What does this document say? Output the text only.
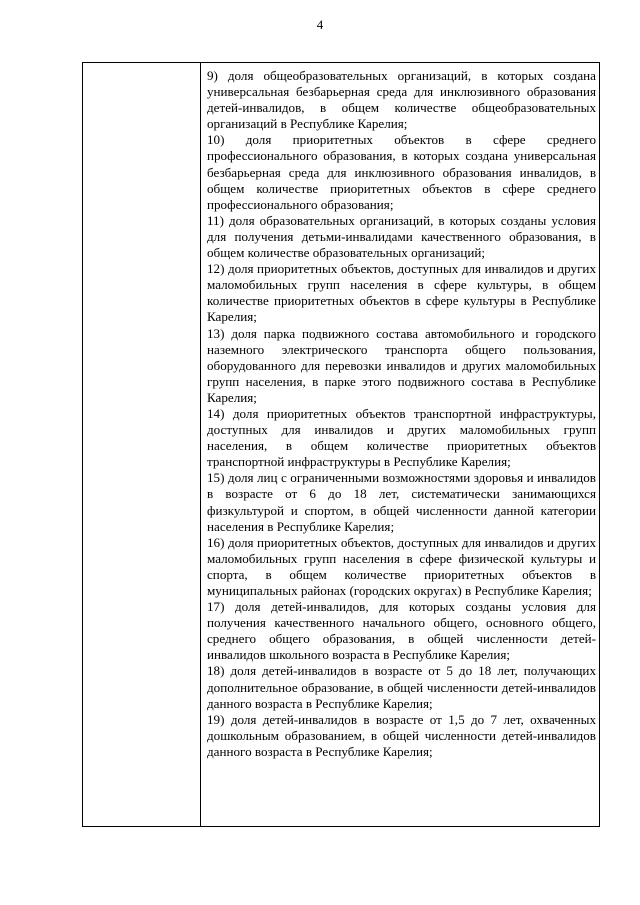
4

9) доля общеобразовательных организаций, в которых создана универсальная безбарьерная среда для инклюзивного образования детей-инвалидов, в общем количестве общеобразовательных организаций в Республике Карелия;

10) доля приоритетных объектов в сфере среднего профессионального образования, в которых создана универсальная безбарьерная среда для инклюзивного образования инвалидов, в общем количестве приоритетных объектов в сфере среднего профессионального образования;

11) доля образовательных организаций, в которых созданы условия для получения детьми-инвалидами качественного образования, в общем количестве образовательных организаций;

12) доля приоритетных объектов, доступных для инвалидов и других маломобильных групп населения в сфере культуры, в общем количестве приоритетных объектов в сфере культуры в Республике Карелия;

13) доля парка подвижного состава автомобильного и городского наземного электрического транспорта общего пользования, оборудованного для перевозки инвалидов и других маломобильных групп населения, в парке этого подвижного состава в Республике Карелия;

14) доля приоритетных объектов транспортной инфраструктуры, доступных для инвалидов и других маломобильных групп населения, в общем количестве приоритетных объектов транспортной инфраструктуры в Республике Карелия;

15) доля лиц с ограниченными возможностями здоровья и инвалидов в возрасте от 6 до 18 лет, систематически занимающихся физкультурой и спортом, в общей численности данной категории населения в Республике Карелия;

16) доля приоритетных объектов, доступных для инвалидов и других маломобильных групп населения в сфере физической культуры и спорта, в общем количестве приоритетных объектов в муниципальных районах (городских округах) в Республике Карелия;

17) доля детей-инвалидов, для которых созданы условия для получения качественного начального общего, основного общего, среднего общего образования, в общей численности детей-инвалидов школьного возраста в Республике Карелия;

18) доля детей-инвалидов в возрасте от 5 до 18 лет, получающих дополнительное образование, в общей численности детей-инвалидов данного возраста в Республике Карелия;

19) доля детей-инвалидов в возрасте от 1,5 до 7 лет, охваченных дошкольным образованием, в общей численности детей-инвалидов данного возраста в Республике Карелия;
